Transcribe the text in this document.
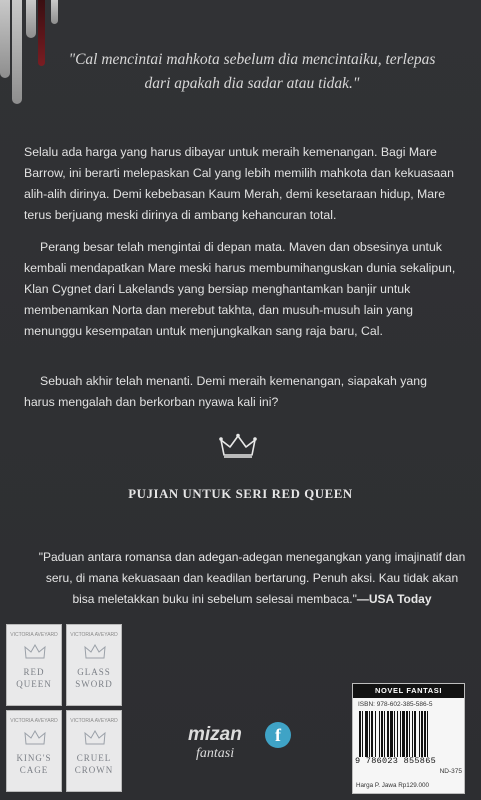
"Cal mencintai mahkota sebelum dia mencintaiku, terlepas
dari apakah dia sadar atau tidak."
Selalu ada harga yang harus dibayar untuk meraih kemenangan. Bagi Mare Barrow, ini berarti melepaskan Cal yang lebih memilih mahkota dan kekuasaan alih-alih dirinya. Demi kebebasan Kaum Merah, demi kesetaraan hidup, Mare terus berjuang meski dirinya di ambang kehancuran total.
Perang besar telah mengintai di depan mata. Maven dan obsesinya untuk kembali mendapatkan Mare meski harus membumihanguskan dunia sekalipun, Klan Cygnet dari Lakelands yang bersiap menghantamkan banjir untuk membenamkan Norta dan merebut takhta, dan musuh-musuh lain yang menunggu kesempatan untuk menjungkalkan sang raja baru, Cal.
Sebuah akhir telah menanti. Demi meraih kemenangan, siapakah yang harus mengalah dan berkorban nyawa kali ini?
PUJIAN UNTUK SERI RED QUEEN
"Paduan antara romansa dan adegan-adegan menegangkan yang imajinatif dan seru, di mana kekuasaan dan keadilan bertarung. Penuh aksi. Kau tidak akan bisa meletakkan buku ini sebelum selesai membaca."—USA Today
VICTORIA AVEYARD
RED
QUEEN
VICTORIA AVEYARD
GLASS
SWORD
VICTORIA AVEYARD
KING'S
CAGE
VICTORIA AVEYARD
CRUEL
CROWN
mizan
fantasi
f
NOVEL FANTASI
ISBN: 978-602-385-586-5
9 786023 855865
ND-375
Harga P. Jawa Rp129.000
